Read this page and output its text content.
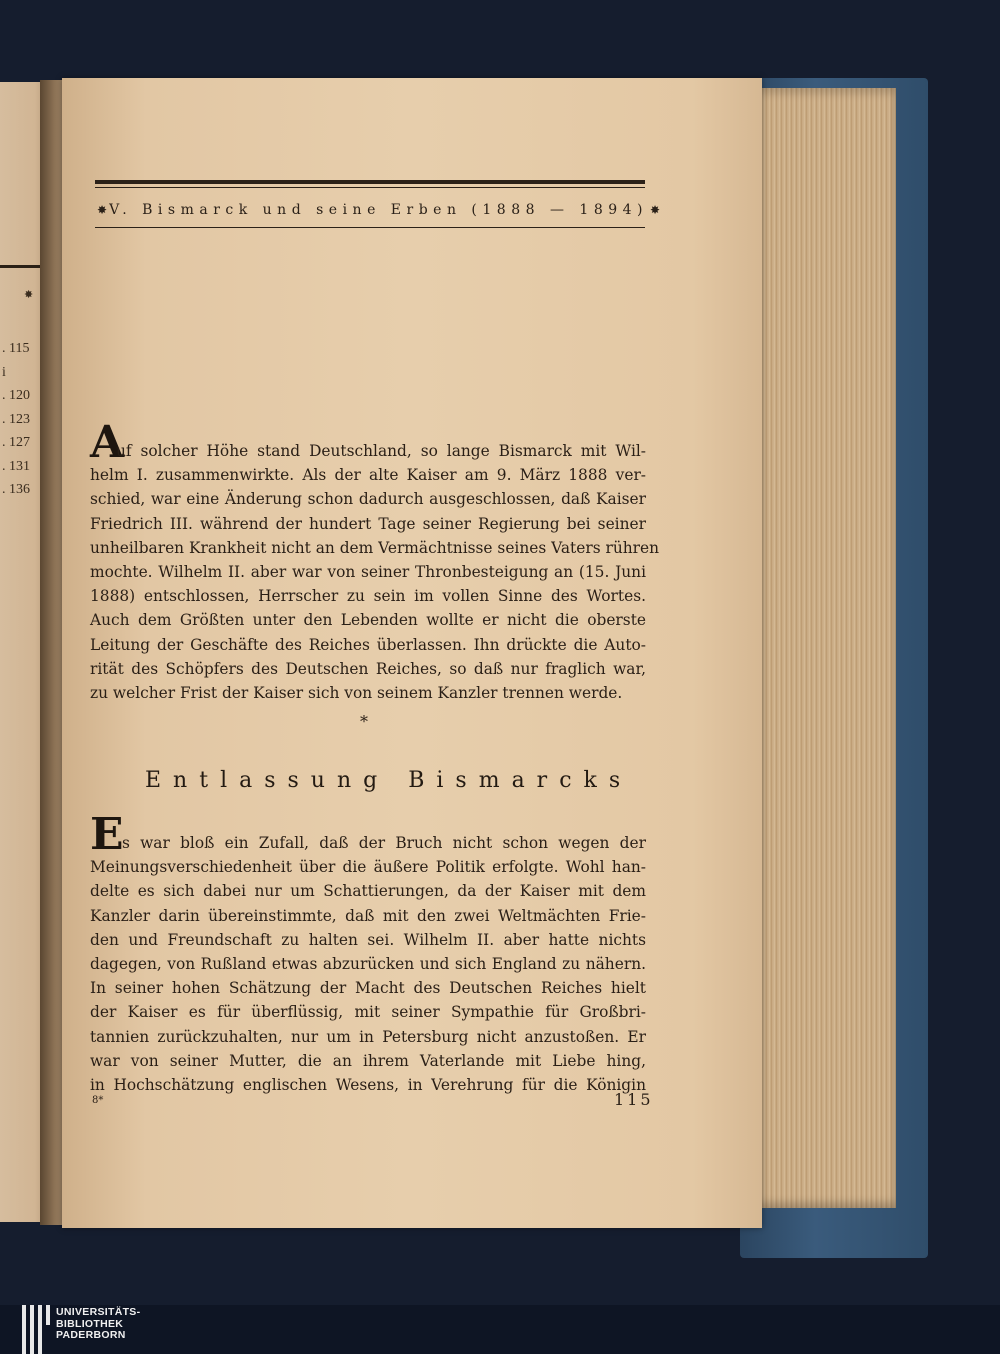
✸
. 115
i
. 120
. 123
. 127
. 131
. 136
✸ V. Bismarck und seine Erben (1888 — 1894) ✸
A
uf solcher Höhe stand Deutschland, so lange Bismarck mit Wil-
helm I. zusammenwirkte. Als der alte Kaiser am 9. März 1888 ver-
schied, war eine Änderung schon dadurch ausgeschlossen, daß Kaiser
Friedrich III. während der hundert Tage seiner Regierung bei seiner
unheilbaren Krankheit nicht an dem Vermächtnisse seines Vaters rühren
mochte. Wilhelm II. aber war von seiner Thronbesteigung an (15. Juni
1888) entschlossen, Herrscher zu sein im vollen Sinne des Wortes.
Auch dem Größten unter den Lebenden wollte er nicht die oberste
Leitung der Geschäfte des Reiches überlassen. Ihn drückte die Auto-
rität des Schöpfers des Deutschen Reiches, so daß nur fraglich war,
zu welcher Frist der Kaiser sich von seinem Kanzler trennen werde.
*
Entlassung Bismarcks
E
s war bloß ein Zufall, daß der Bruch nicht schon wegen der
Meinungsverschiedenheit über die äußere Politik erfolgte. Wohl han-
delte es sich dabei nur um Schattierungen, da der Kaiser mit dem
Kanzler darin übereinstimmte, daß mit den zwei Weltmächten Frie-
den und Freundschaft zu halten sei. Wilhelm II. aber hatte nichts
dagegen, von Rußland etwas abzurücken und sich England zu nähern.
In seiner hohen Schätzung der Macht des Deutschen Reiches hielt
der Kaiser es für überflüssig, mit seiner Sympathie für Großbri-
tannien zurückzuhalten, nur um in Petersburg nicht anzustoßen. Er
war von seiner Mutter, die an ihrem Vaterlande mit Liebe hing,
in Hochschätzung englischen Wesens, in Verehrung für die Königin
8*	115
UNIVERSITÄTS-
BIBLIOTHEK
PADERBORN
